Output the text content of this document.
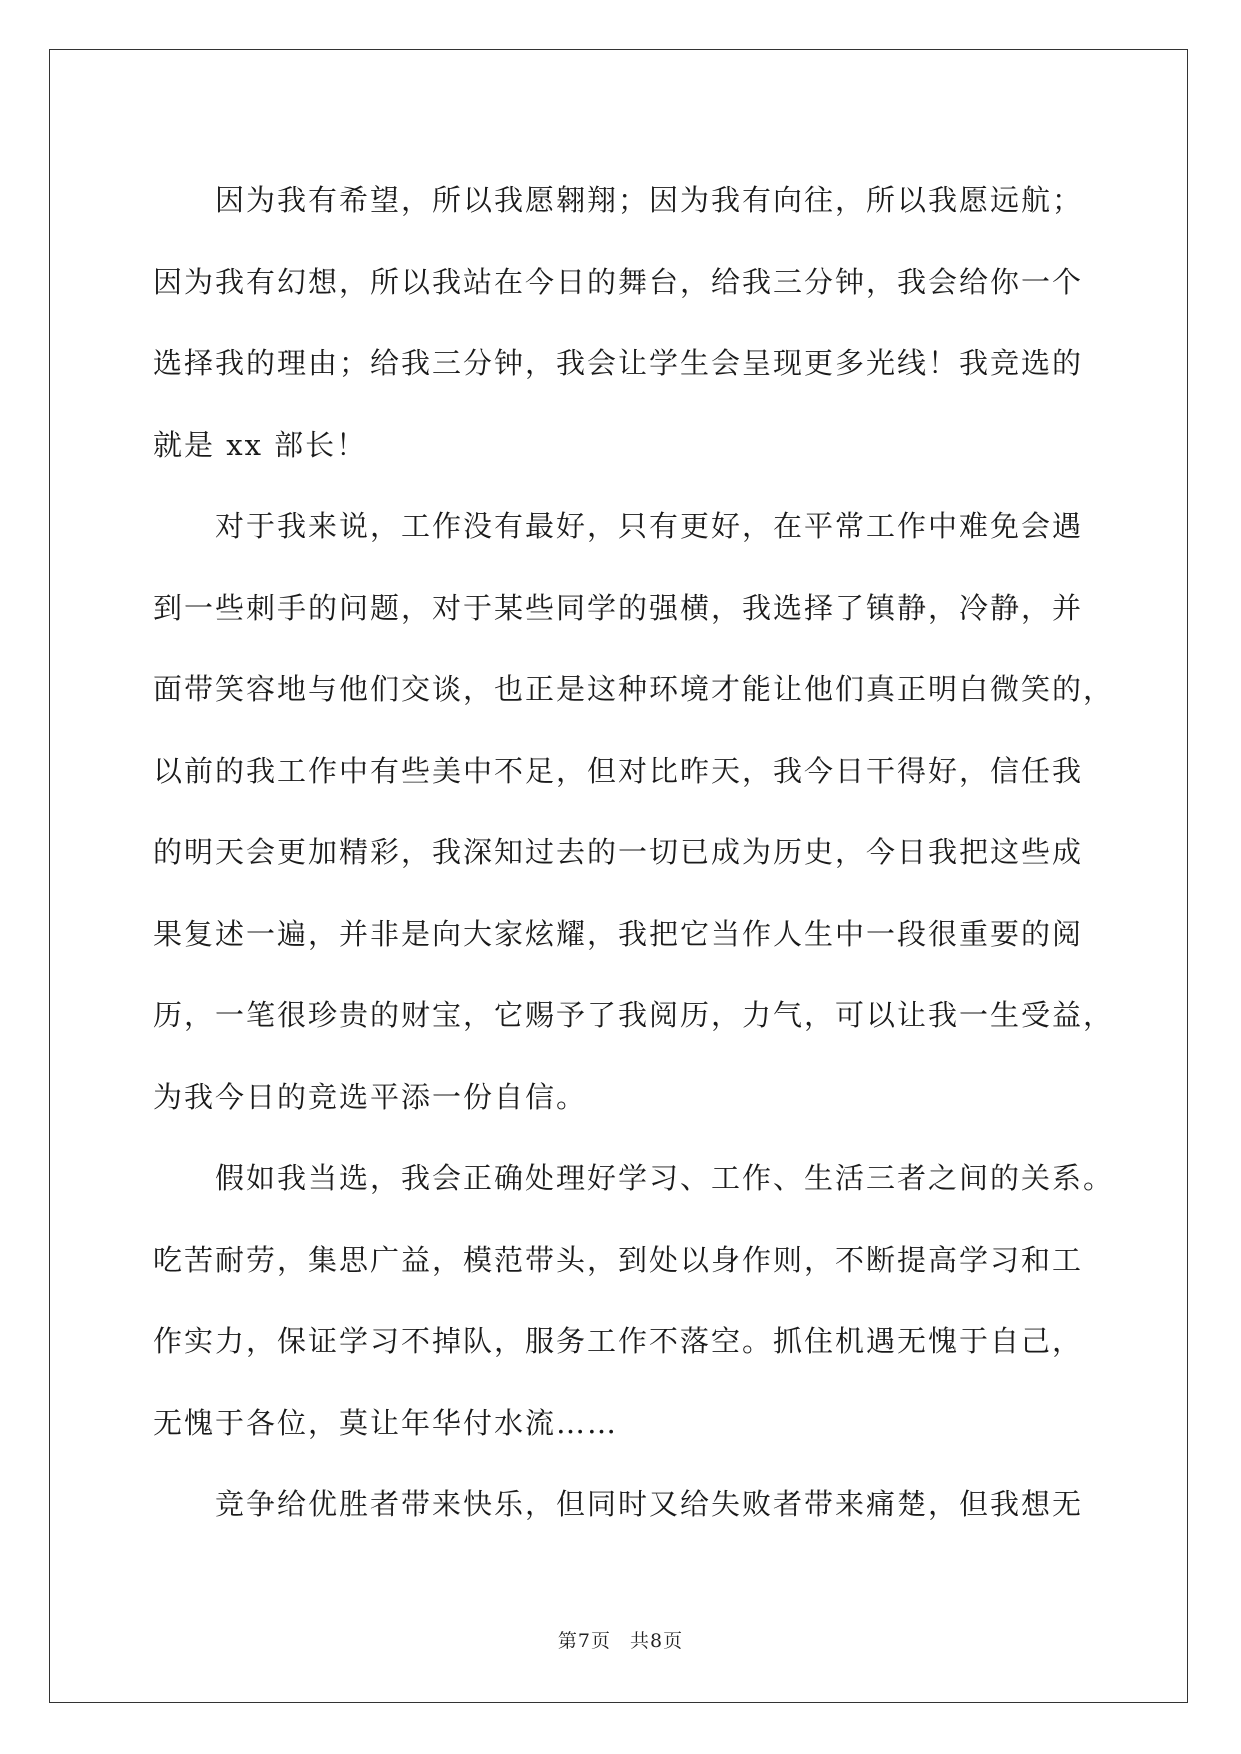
因为我有希望，所以我愿翱翔；因为我有向往，所以我愿远航；
因为我有幻想，所以我站在今日的舞台，给我三分钟，我会给你一个
选择我的理由；给我三分钟，我会让学生会呈现更多光线！我竞选的
就是 xx 部长！

对于我来说，工作没有最好，只有更好，在平常工作中难免会遇
到一些刺手的问题，对于某些同学的强横，我选择了镇静，冷静，并
面带笑容地与他们交谈，也正是这种环境才能让他们真正明白微笑的，
以前的我工作中有些美中不足，但对比昨天，我今日干得好，信任我
的明天会更加精彩，我深知过去的一切已成为历史，今日我把这些成
果复述一遍，并非是向大家炫耀，我把它当作人生中一段很重要的阅
历，一笔很珍贵的财宝，它赐予了我阅历，力气，可以让我一生受益，
为我今日的竞选平添一份自信。

假如我当选，我会正确处理好学习、工作、生活三者之间的关系。
吃苦耐劳，集思广益，模范带头，到处以身作则，不断提高学习和工
作实力，保证学习不掉队，服务工作不落空。抓住机遇无愧于自己，
无愧于各位，莫让年华付水流……

竞争给优胜者带来快乐，但同时又给失败者带来痛楚，但我想无

第7页 共8页
